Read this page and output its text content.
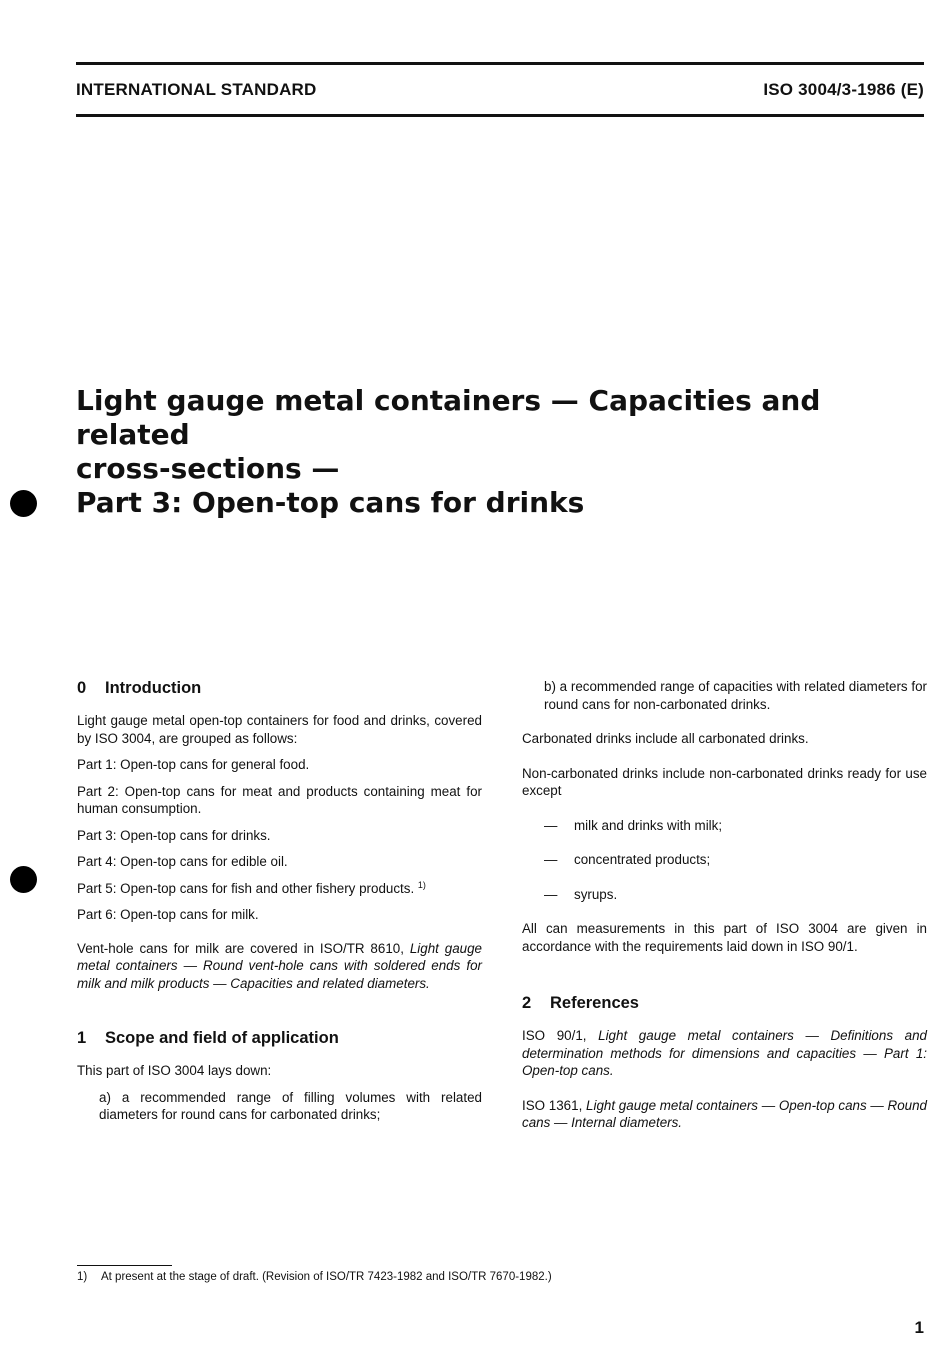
INTERNATIONAL STANDARD	ISO 3004/3-1986 (E)
Light gauge metal containers — Capacities and related
cross-sections —
Part 3: Open-top cans for drinks
0 Introduction

Light gauge metal open-top containers for food and drinks, covered by ISO 3004, are grouped as follows:

Part 1: Open-top cans for general food.

Part 2: Open-top cans for meat and products containing meat for human consumption.

Part 3: Open-top cans for drinks.

Part 4: Open-top cans for edible oil.

Part 5: Open-top cans for fish and other fishery products. $^{1)}$

Part 6: Open-top cans for milk.

Vent-hole cans for milk are covered in ISO/TR 8610, Light gauge metal containers — Round vent-hole cans with soldered ends for milk and milk products — Capacities and related diameters.

1 Scope and field of application

This part of ISO 3004 lays down:

a) a recommended range of filling volumes with related diameters for round cans for carbonated drinks;

b) a recommended range of capacities with related diameters for round cans for non-carbonated drinks.

Carbonated drinks include all carbonated drinks.

Non-carbonated drinks include non-carbonated drinks ready for use except

—	milk and drinks with milk;
—	concentrated products;
—	syrups.

All can measurements in this part of ISO 3004 are given in accordance with the requirements laid down in ISO 90/1.

2 References

ISO 90/1, Light gauge metal containers — Definitions and determination methods for dimensions and capacities — Part 1: Open-top cans.

ISO 1361, Light gauge metal containers — Open-top cans — Round cans — Internal diameters.

1) At present at the stage of draft. (Revision of ISO/TR 7423-1982 and ISO/TR 7670-1982.)
1
